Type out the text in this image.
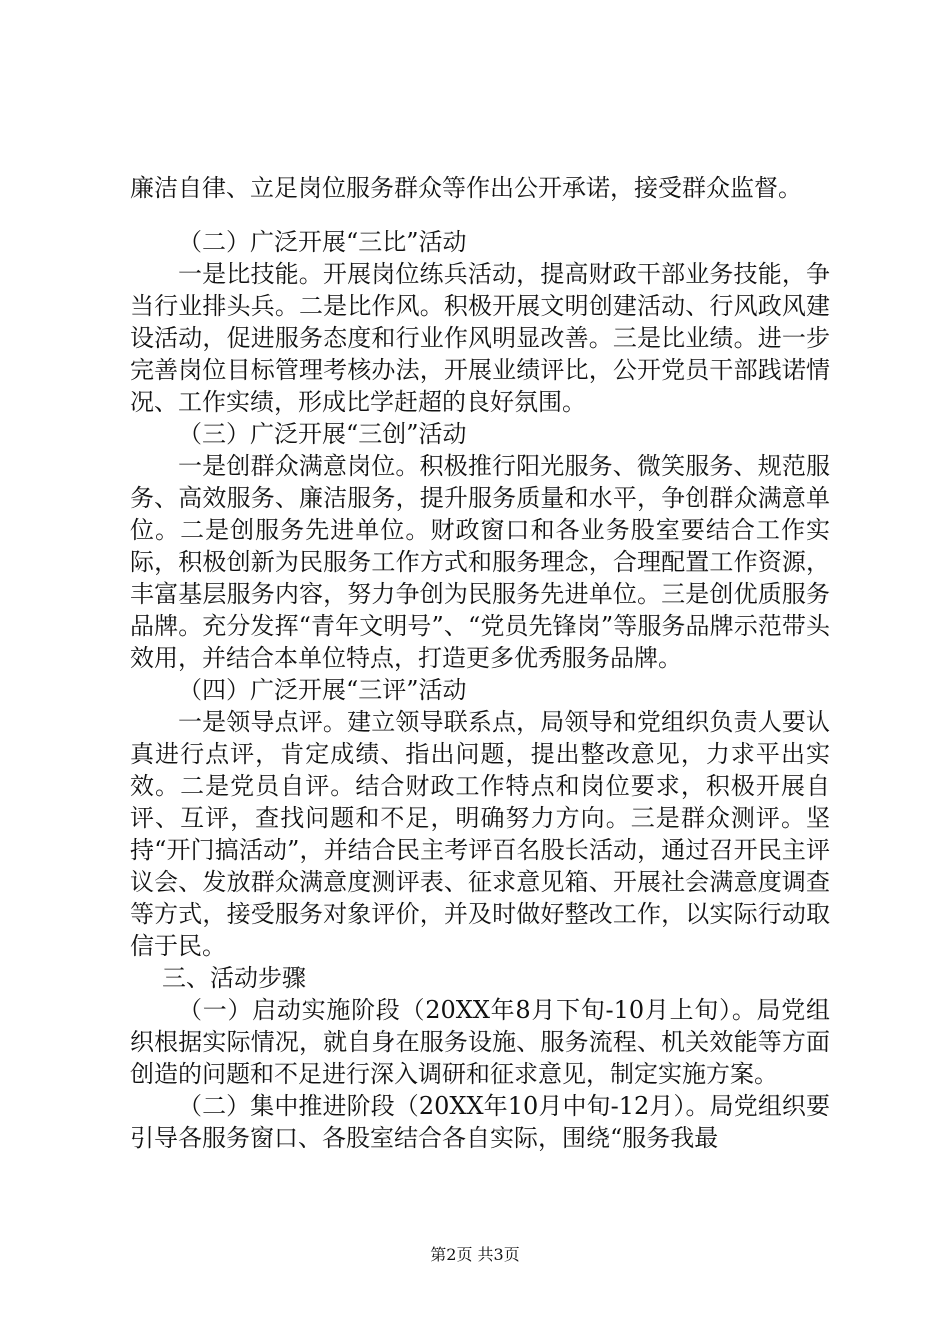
廉洁自律、立足岗位服务群众等作出公开承诺，接受群众监督。

（二）广泛开展“三比”活动

一是比技能。开展岗位练兵活动，提高财政干部业务技能，争当行业排头兵。二是比作风。积极开展文明创建活动、行风政风建设活动，促进服务态度和行业作风明显改善。三是比业绩。进一步完善岗位目标管理考核办法，开展业绩评比，公开党员干部践诺情况、工作实绩，形成比学赶超的良好氛围。

（三）广泛开展“三创”活动

一是创群众满意岗位。积极推行阳光服务、微笑服务、规范服务、高效服务、廉洁服务，提升服务质量和水平，争创群众满意单位。二是创服务先进单位。财政窗口和各业务股室要结合工作实际，积极创新为民服务工作方式和服务理念，合理配置工作资源，丰富基层服务内容，努力争创为民服务先进单位。三是创优质服务品牌。充分发挥“青年文明号”、“党员先锋岗”等服务品牌示范带头效用，并结合本单位特点，打造更多优秀服务品牌。

（四）广泛开展“三评”活动

一是领导点评。建立领导联系点，局领导和党组织负责人要认真进行点评，肯定成绩、指出问题，提出整改意见，力求平出实效。二是党员自评。结合财政工作特点和岗位要求，积极开展自评、互评，查找问题和不足，明确努力方向。三是群众测评。坚持“开门搞活动”，并结合民主考评百名股长活动，通过召开民主评议会、发放群众满意度测评表、征求意见箱、开展社会满意度调查等方式，接受服务对象评价，并及时做好整改工作，以实际行动取信于民。

三、活动步骤

（一）启动实施阶段（20XX年8月下旬-10月上旬）。局党组织根据实际情况，就自身在服务设施、服务流程、机关效能等方面创造的问题和不足进行深入调研和征求意见，制定实施方案。

（二）集中推进阶段（20XX年10月中旬-12月）。局党组织要引导各服务窗口、各股室结合各自实际，围绕“服务我最

第2页 共3页
